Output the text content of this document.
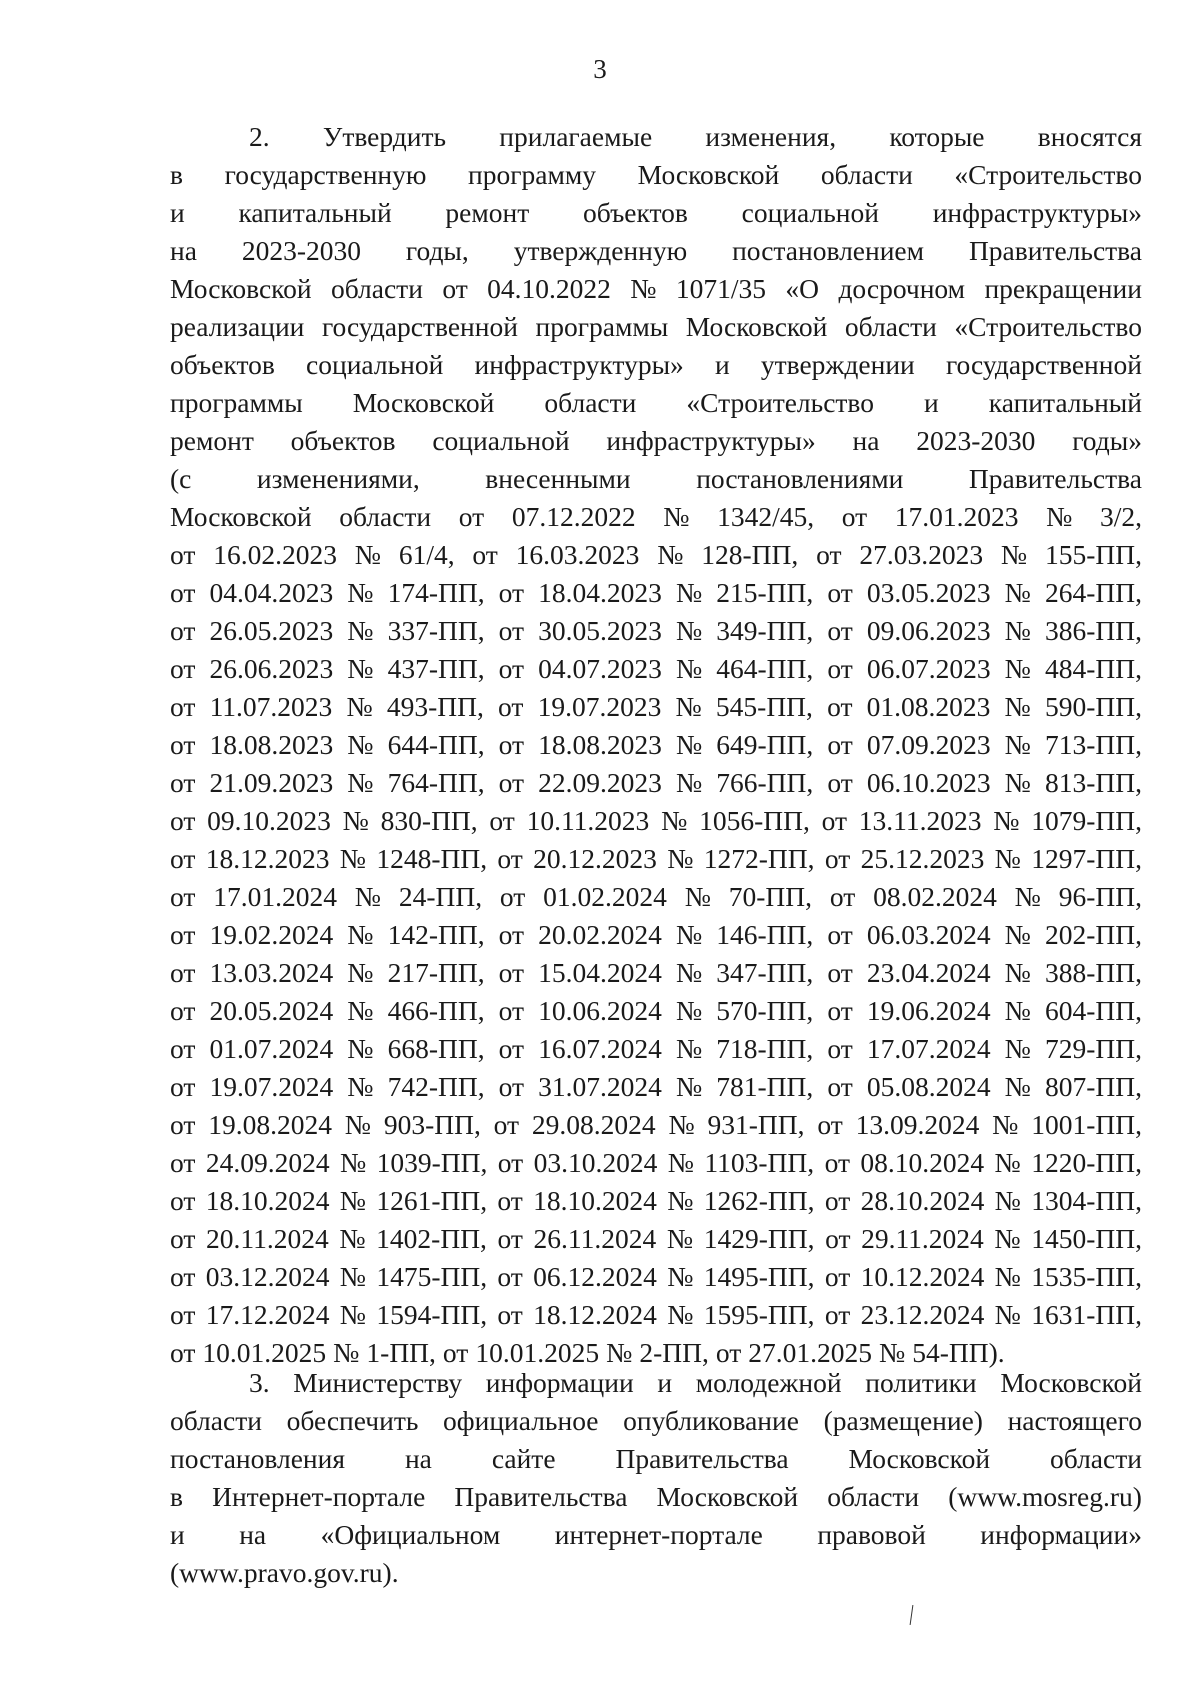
3
2. Утвердить прилагаемые изменения, которые вносятся
в государственную программу Московской области «Строительство
и капитальный ремонт объектов социальной инфраструктуры»
на 2023-2030 годы, утвержденную постановлением Правительства
Московской области от 04.10.2022 № 1071/35 «О досрочном прекращении
реализации государственной программы Московской области «Строительство
объектов социальной инфраструктуры» и утверждении государственной
программы Московской области «Строительство и капитальный
ремонт объектов социальной инфраструктуры» на 2023-2030 годы»
(с изменениями, внесенными постановлениями Правительства
Московской области от 07.12.2022 № 1342/45, от 17.01.2023 № 3/2,
от 16.02.2023 № 61/4, от 16.03.2023 № 128-ПП, от 27.03.2023 № 155-ПП,
от 04.04.2023 № 174-ПП, от 18.04.2023 № 215-ПП, от 03.05.2023 № 264-ПП,
от 26.05.2023 № 337-ПП, от 30.05.2023 № 349-ПП, от 09.06.2023 № 386-ПП,
от 26.06.2023 № 437-ПП, от 04.07.2023 № 464-ПП, от 06.07.2023 № 484-ПП,
от 11.07.2023 № 493-ПП, от 19.07.2023 № 545-ПП, от 01.08.2023 № 590-ПП,
от 18.08.2023 № 644-ПП, от 18.08.2023 № 649-ПП, от 07.09.2023 № 713-ПП,
от 21.09.2023 № 764-ПП, от 22.09.2023 № 766-ПП, от 06.10.2023 № 813-ПП,
от 09.10.2023 № 830-ПП, от 10.11.2023 № 1056-ПП, от 13.11.2023 № 1079-ПП,
от 18.12.2023 № 1248-ПП, от 20.12.2023 № 1272-ПП, от 25.12.2023 № 1297-ПП,
от 17.01.2024 № 24-ПП, от 01.02.2024 № 70-ПП, от 08.02.2024 № 96-ПП,
от 19.02.2024 № 142-ПП, от 20.02.2024 № 146-ПП, от 06.03.2024 № 202-ПП,
от 13.03.2024 № 217-ПП, от 15.04.2024 № 347-ПП, от 23.04.2024 № 388-ПП,
от 20.05.2024 № 466-ПП, от 10.06.2024 № 570-ПП, от 19.06.2024 № 604-ПП,
от 01.07.2024 № 668-ПП, от 16.07.2024 № 718-ПП, от 17.07.2024 № 729-ПП,
от 19.07.2024 № 742-ПП, от 31.07.2024 № 781-ПП, от 05.08.2024 № 807-ПП,
от 19.08.2024 № 903-ПП, от 29.08.2024 № 931-ПП, от 13.09.2024 № 1001-ПП,
от 24.09.2024 № 1039-ПП, от 03.10.2024 № 1103-ПП, от 08.10.2024 № 1220-ПП,
от 18.10.2024 № 1261-ПП, от 18.10.2024 № 1262-ПП, от 28.10.2024 № 1304-ПП,
от 20.11.2024 № 1402-ПП, от 26.11.2024 № 1429-ПП, от 29.11.2024 № 1450-ПП,
от 03.12.2024 № 1475-ПП, от 06.12.2024 № 1495-ПП, от 10.12.2024 № 1535-ПП,
от 17.12.2024 № 1594-ПП, от 18.12.2024 № 1595-ПП, от 23.12.2024 № 1631-ПП,
от 10.01.2025 № 1-ПП, от 10.01.2025 № 2-ПП, от 27.01.2025 № 54-ПП).
3. Министерству информации и молодежной политики Московской
области обеспечить официальное опубликование (размещение) настоящего
постановления на сайте Правительства Московской области
в Интернет-портале Правительства Московской области (www.mosreg.ru)
и на «Официальном интернет-портале правовой информации»
(www.pravo.gov.ru).
